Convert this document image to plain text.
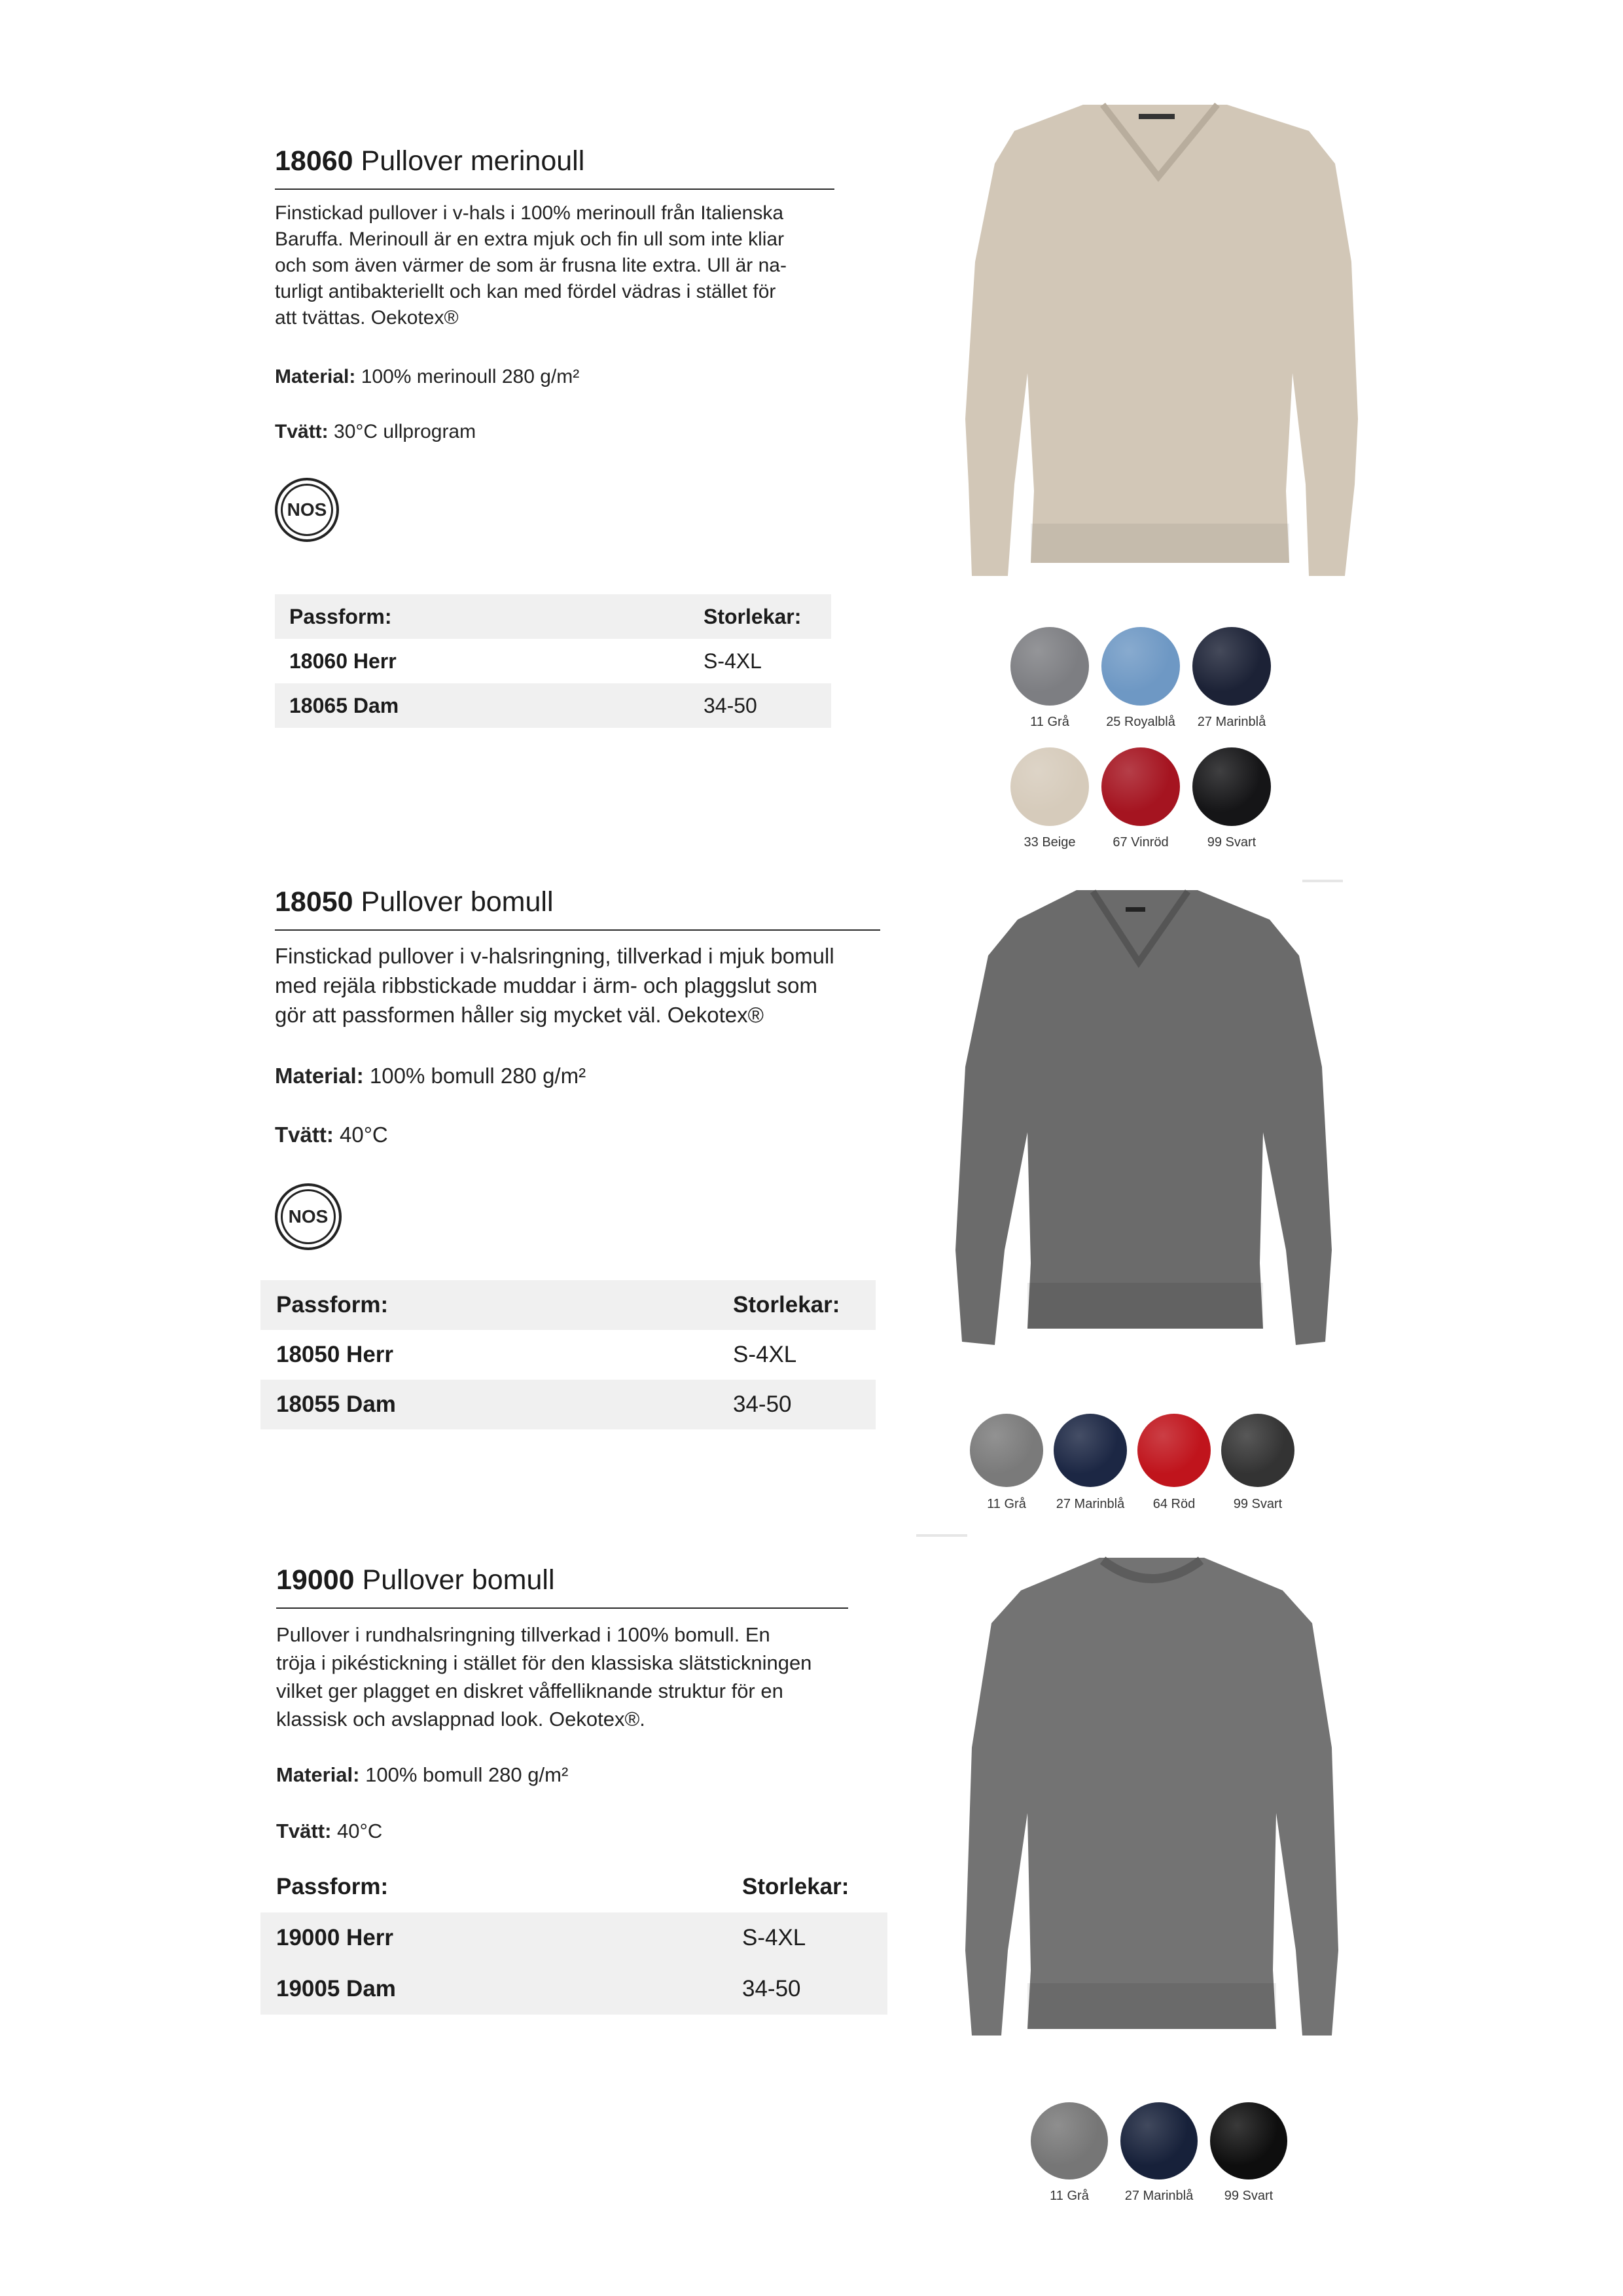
18060 Pullover merinoull
Finstickad pullover i v-hals i 100% merinoull från Italienska
Baruffa. Merinoull är en extra mjuk och fin ull som inte kliar
och som även värmer de som är frusna lite extra. Ull är na-
turligt antibakteriellt och kan med fördel vädras i stället för
att tvättas. Oekotex®
Material: 100% merinoull 280 g/m²
Tvätt: 30°C ullprogram
NOS
Passform:	Storlekar:
18060 Herr	S-4XL
18065 Dam	34-50
11 Grå	25 Royalblå	27 Marinblå
33 Beige	67 Vinröd	99 Svart
18050 Pullover bomull
Finstickad pullover i v-halsringning, tillverkad i mjuk bomull
med rejäla ribbstickade muddar i ärm- och plaggslut som
gör att passformen håller sig mycket väl. Oekotex®
Material: 100% bomull 280 g/m²
Tvätt: 40°C
NOS
Passform:	Storlekar:
18050 Herr	S-4XL
18055 Dam	34-50
11 Grå	27 Marinblå	64 Röd	99 Svart
19000 Pullover bomull
Pullover i rundhalsringning tillverkad i 100% bomull. En
tröja i pikéstickning i stället för den klassiska slätstickningen
vilket ger plagget en diskret våffelliknande struktur för en
klassisk och avslappnad look. Oekotex®.
Material: 100% bomull 280 g/m²
Tvätt: 40°C
Passform:	Storlekar:
19000 Herr	S-4XL
19005 Dam	34-50
11 Grå	27 Marinblå	99 Svart
